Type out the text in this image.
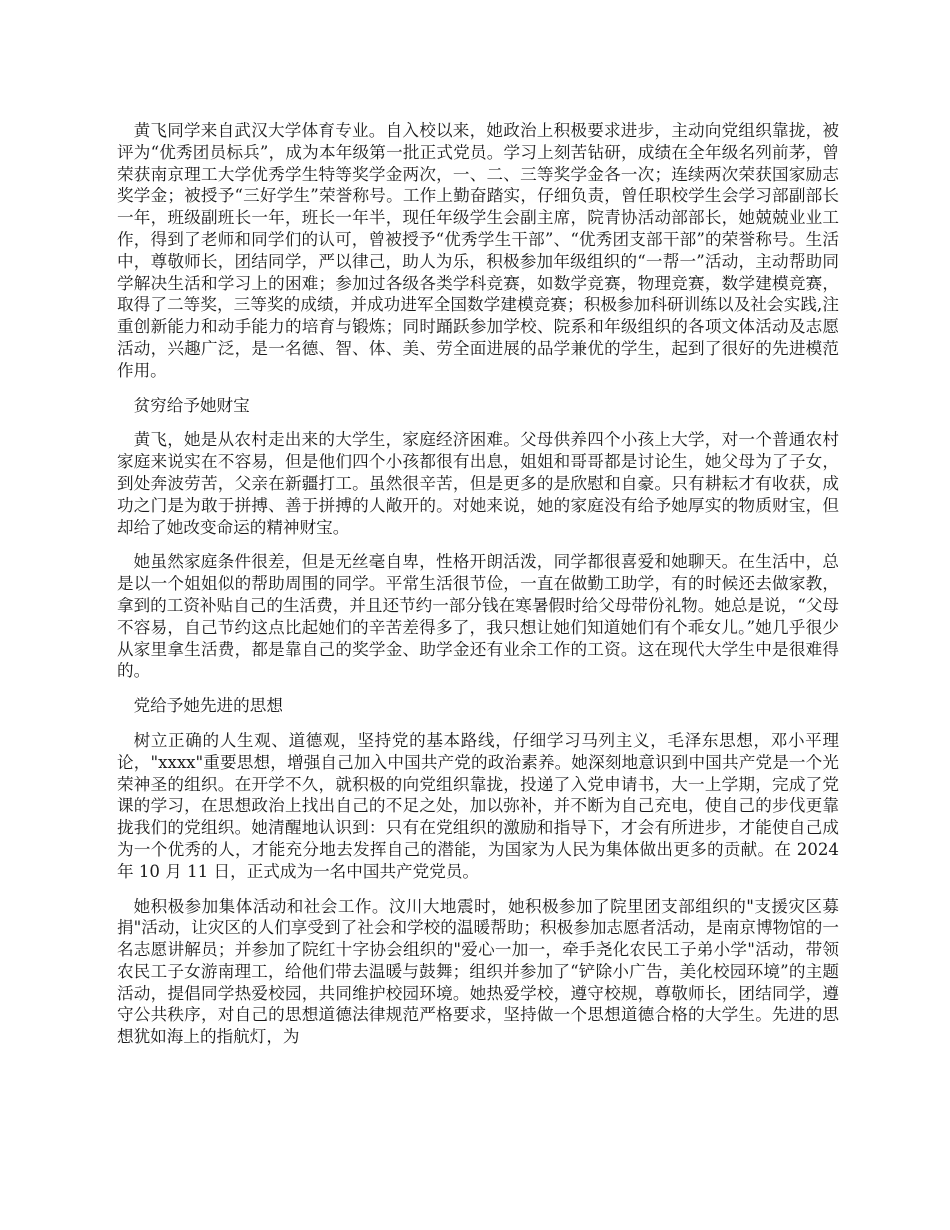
黄飞同学来自武汉大学体育专业。自入校以来，她政治上积极要求进步，主动向党组织靠拢，被评为“优秀团员标兵”，成为本年级第一批正式党员。学习上刻苦钻研，成绩在全年级名列前茅，曾荣获南京理工大学优秀学生特等奖学金两次，一、二、三等奖学金各一次；连续两次荣获国家励志奖学金；被授予“三好学生”荣誉称号。工作上勤奋踏实，仔细负责，曾任职校学生会学习部副部长一年，班级副班长一年，班长一年半，现任年级学生会副主席，院青协活动部部长，她兢兢业业工作，得到了老师和同学们的认可，曾被授予“优秀学生干部”、“优秀团支部干部”的荣誉称号。生活中，尊敬师长，团结同学，严以律己，助人为乐，积极参加年级组织的“一帮一”活动，主动帮助同学解决生活和学习上的困难；参加过各级各类学科竞赛，如数学竞赛，物理竞赛，数学建模竞赛，取得了二等奖，三等奖的成绩，并成功进军全国数学建模竞赛；积极参加科研训练以及社会实践,注重创新能力和动手能力的培育与锻炼；同时踊跃参加学校、院系和年级组织的各项文体活动及志愿活动，兴趣广泛，是一名德、智、体、美、劳全面进展的品学兼优的学生，起到了很好的先进模范作用。

贫穷给予她财宝

黄飞，她是从农村走出来的大学生，家庭经济困难。父母供养四个小孩上大学，对一个普通农村家庭来说实在不容易，但是他们四个小孩都很有出息，姐姐和哥哥都是讨论生，她父母为了子女，到处奔波劳苦，父亲在新疆打工。虽然很辛苦，但是更多的是欣慰和自豪。只有耕耘才有收获，成功之门是为敢于拼搏、善于拼搏的人敞开的。对她来说，她的家庭没有给予她厚实的物质财宝，但却给了她改变命运的精神财宝。

她虽然家庭条件很差，但是无丝毫自卑，性格开朗活泼，同学都很喜爱和她聊天。在生活中，总是以一个姐姐似的帮助周围的同学。平常生活很节俭，一直在做勤工助学，有的时候还去做家教，拿到的工资补贴自己的生活费，并且还节约一部分钱在寒暑假时给父母带份礼物。她总是说，“父母不容易，自己节约这点比起她们的辛苦差得多了，我只想让她们知道她们有个乖女儿。”她几乎很少从家里拿生活费，都是靠自己的奖学金、助学金还有业余工作的工资。这在现代大学生中是很难得的。

党给予她先进的思想

树立正确的人生观、道德观，坚持党的基本路线，仔细学习马列主义，毛泽东思想，邓小平理论，"xxxx"重要思想，增强自己加入中国共产党的政治素养。她深刻地意识到中国共产党是一个光荣神圣的组织。在开学不久，就积极的向党组织靠拢，投递了入党申请书，大一上学期，完成了党课的学习，在思想政治上找出自己的不足之处，加以弥补，并不断为自己充电，使自己的步伐更靠拢我们的党组织。她清醒地认识到：只有在党组织的激励和指导下，才会有所进步，才能使自己成为一个优秀的人，才能充分地去发挥自己的潜能，为国家为人民为集体做出更多的贡献。在 2024 年 10 月 11 日，正式成为一名中国共产党党员。

她积极参加集体活动和社会工作。汶川大地震时，她积极参加了院里团支部组织的"支援灾区募捐"活动，让灾区的人们享受到了社会和学校的温暖帮助；积极参加志愿者活动，是南京博物馆的一名志愿讲解员；并参加了院红十字协会组织的"爱心一加一，牵手尧化农民工子弟小学"活动，带领农民工子女游南理工，给他们带去温暖与鼓舞；组织并参加了“铲除小广告，美化校园环境”的主题活动，提倡同学热爱校园，共同维护校园环境。她热爱学校，遵守校规，尊敬师长，团结同学，遵守公共秩序，对自己的思想道德法律规范严格要求，坚持做一个思想道德合格的大学生。先进的思想犹如海上的指航灯，为
